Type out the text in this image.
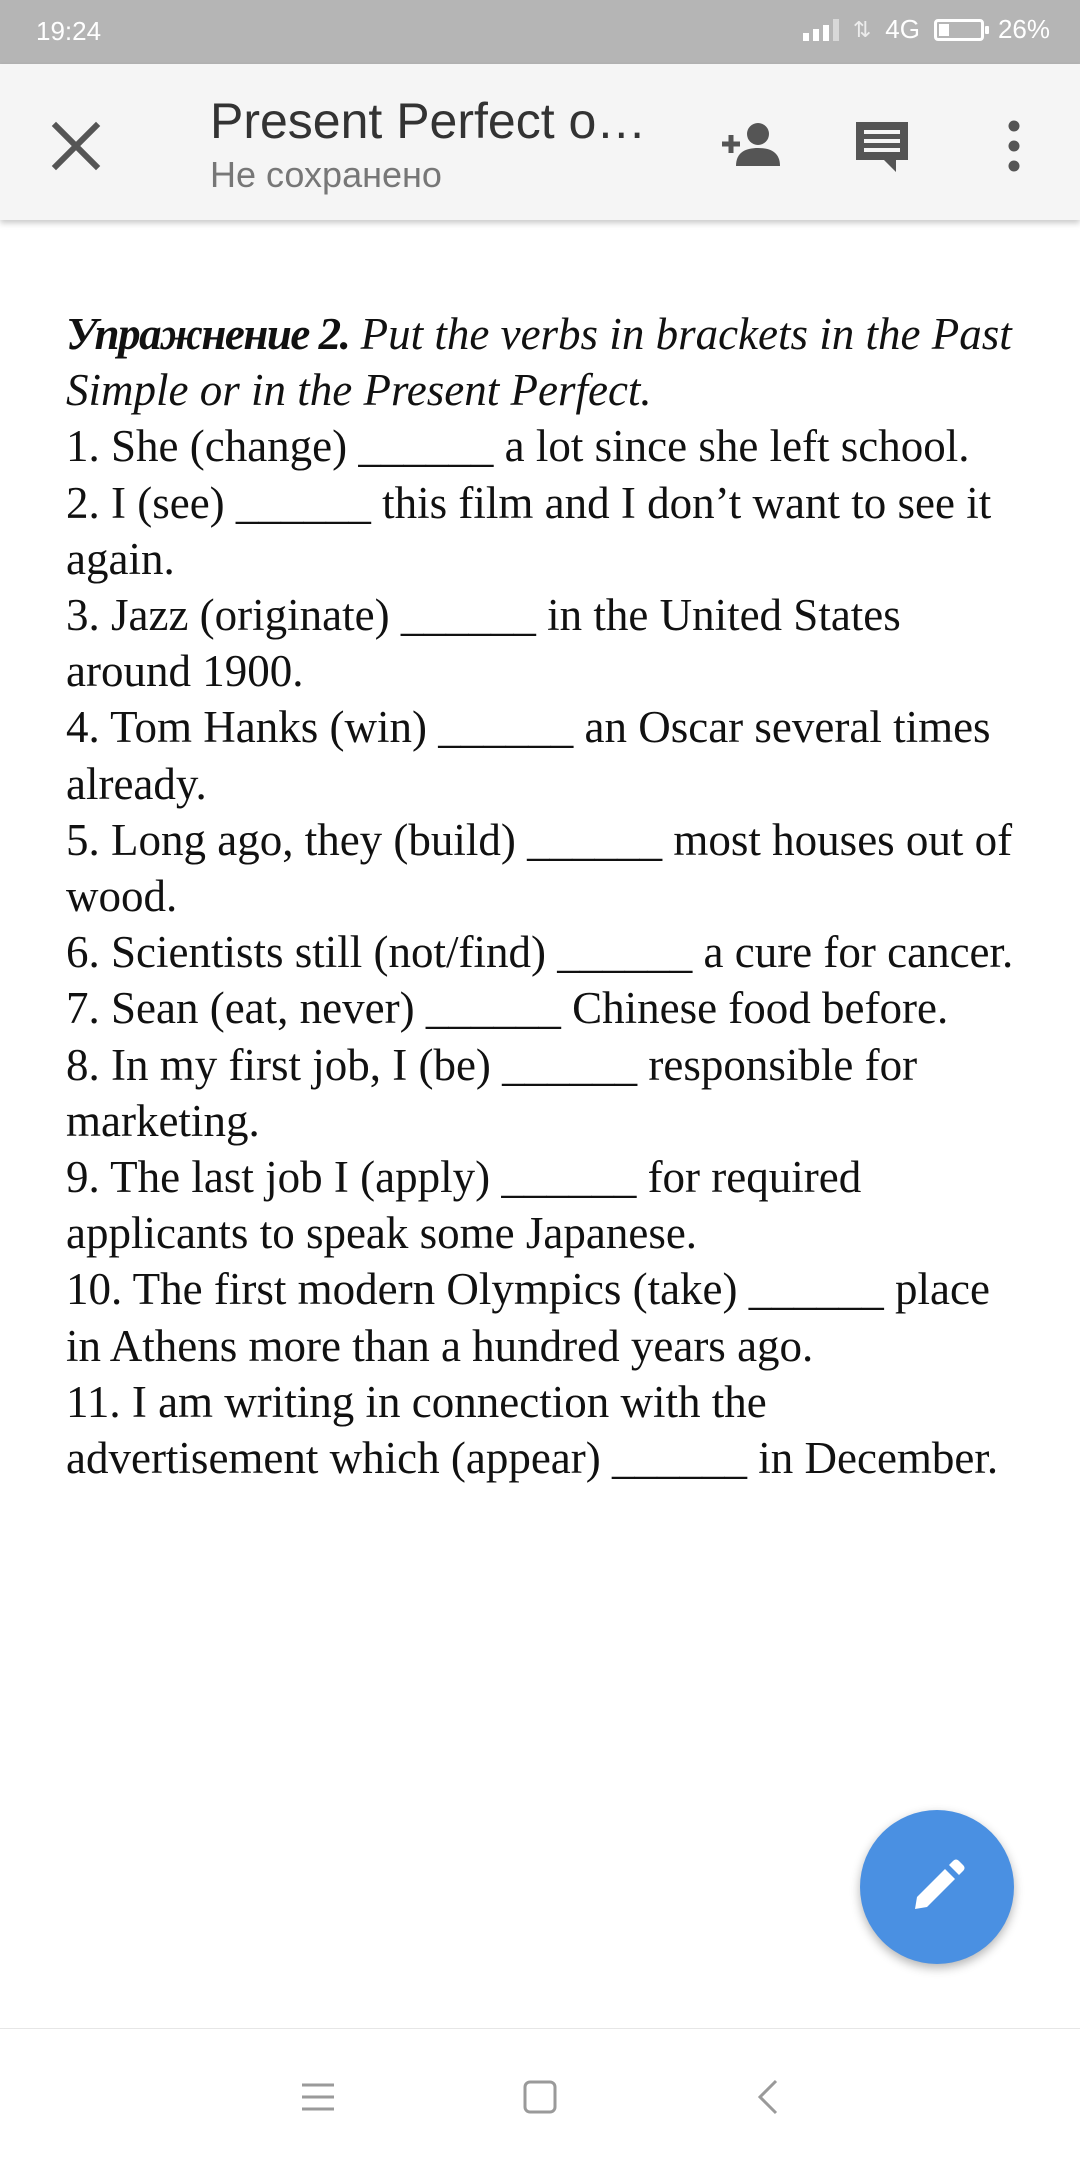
19:24	⇅ 4G	26%
Present Perfect o…
Не сохранено

Упражнение 2. Put the verbs in brackets in the Past Simple or in the Present Perfect.

1. She (change) ______ a lot since she left school.

2. I (see) ______ this film and I don’t want to see it again.

3. Jazz (originate) ______ in the United States around 1900.

4. Tom Hanks (win) ______ an Oscar several times already.

5. Long ago, they (build) ______ most houses out of wood.

6. Scientists still (not/find) ______ a cure for cancer.

7. Sean (eat, never) ______ Chinese food before.

8. In my first job, I (be) ______ responsible for marketing.

9. The last job I (apply) ______ for required applicants to speak some Japanese.

10. The first modern Olympics (take) ______ place in Athens more than a hundred years ago.

11. I am writing in connection with the advertisement which (appear) ______ in December.
